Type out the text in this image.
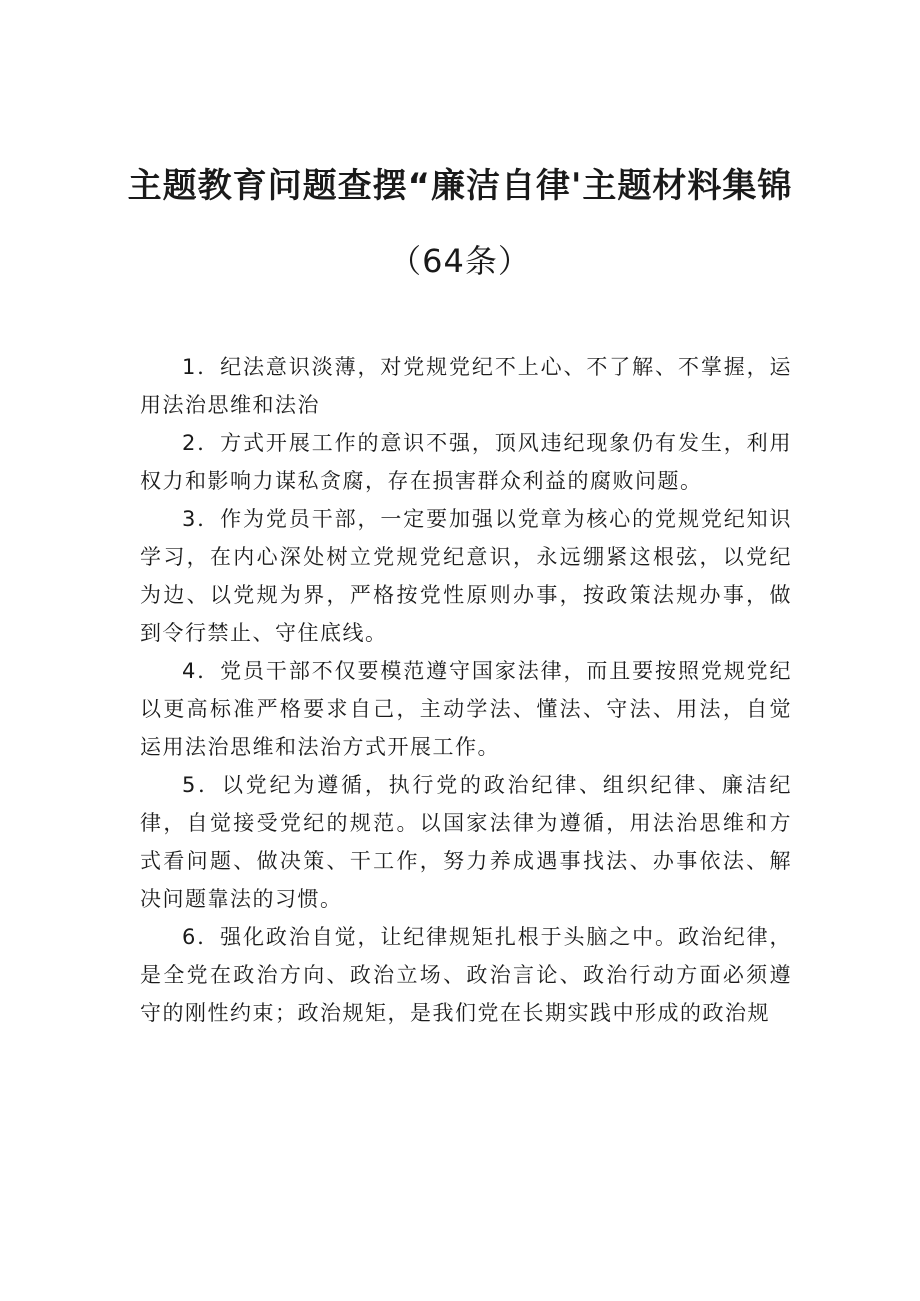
主题教育问题查摆“廉洁自律'主题材料集锦
（64条）

1．纪法意识淡薄，对党规党纪不上心、不了解、不掌握，运用法治思维和法治

2．方式开展工作的意识不强，顶风违纪现象仍有发生，利用权力和影响力谋私贪腐，存在损害群众利益的腐败问题。

3．作为党员干部，一定要加强以党章为核心的党规党纪知识学习，在内心深处树立党规党纪意识，永远绷紧这根弦，以党纪为边、以党规为界，严格按党性原则办事，按政策法规办事，做到令行禁止、守住底线。

4．党员干部不仅要模范遵守国家法律，而且要按照党规党纪以更高标准严格要求自己，主动学法、懂法、守法、用法，自觉运用法治思维和法治方式开展工作。

5．以党纪为遵循，执行党的政治纪律、组织纪律、廉洁纪律，自觉接受党纪的规范。以国家法律为遵循，用法治思维和方式看问题、做决策、干工作，努力养成遇事找法、办事依法、解决问题靠法的习惯。

6．强化政治自觉，让纪律规矩扎根于头脑之中。政治纪律，是全党在政治方向、政治立场、政治言论、政治行动方面必须遵守的刚性约束；政治规矩，是我们党在长期实践中形成的政治规
